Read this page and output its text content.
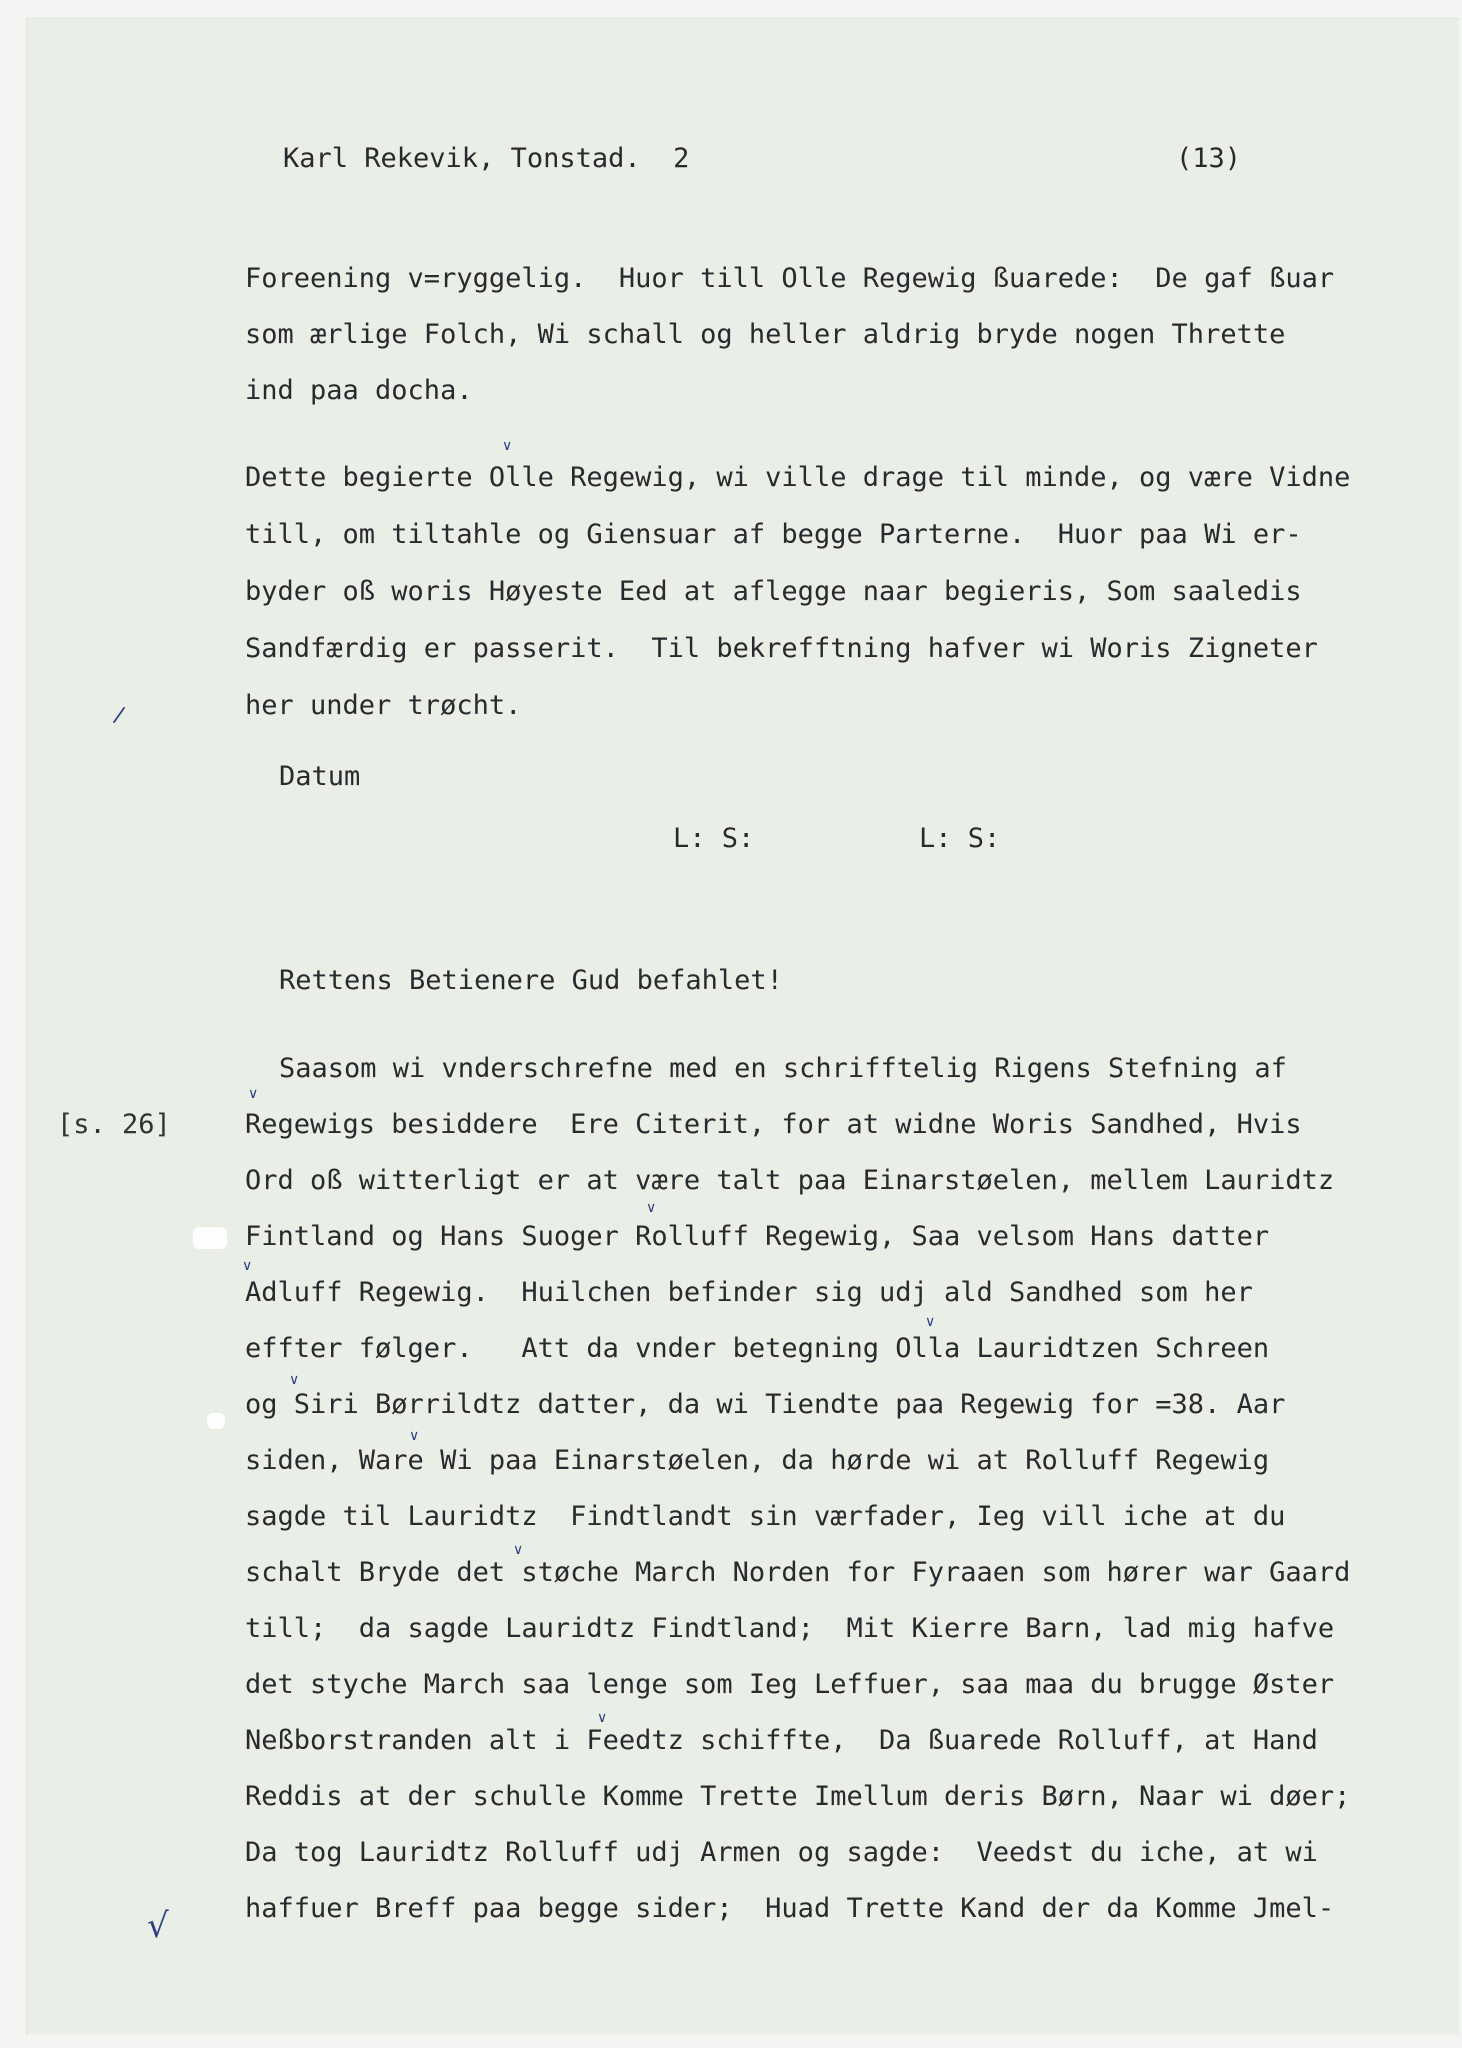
Karl Rekevik, Tonstad.  2	(13)
Foreening v=ryggelig.  Huor till Olle Regewig ßuarede:  De gaf ßuar
som ærlige Folch, Wi schall og heller aldrig bryde nogen Thrette
ind paa docha.
Dette begierte Olle Regewig, wi ville drage til minde, og være Vidne
till, om tiltahle og Giensuar af begge Parterne.  Huor paa Wi er-
byder oß woris Høyeste Eed at aflegge naar begieris, Som saaledis
Sandfærdig er passerit.  Til bekrefftning hafver wi Woris Zigneter
her under trøcht.
Datum
L: S:	L: S:
Rettens Betienere Gud befahlet!
Saasom wi vnderschrefne med en schrifftelig Rigens Stefning af
[s. 26]	Regewigs besiddere  Ere Citerit, for at widne Woris Sandhed, Hvis
Ord oß witterligt er at være talt paa Einarstøelen, mellem Lauridtz
Fintland og Hans Suoger Rolluff Regewig, Saa velsom Hans datter
Adluff Regewig.  Huilchen befinder sig udj ald Sandhed som her
effter følger.   Att da vnder betegning Olla Lauridtzen Schreen
og Siri Børrildtz datter, da wi Tiendte paa Regewig for =38. Aar
siden, Ware Wi paa Einarstøelen, da hørde wi at Rolluff Regewig
sagde til Lauridtz  Findtlandt sin værfader, Ieg vill iche at du
schalt Bryde det støche March Norden for Fyraaen som hører war Gaard
till;  da sagde Lauridtz Findtland;  Mit Kierre Barn, lad mig hafve
det styche March saa lenge som Ieg Leffuer, saa maa du brugge Øster
Neßborstranden alt i Feedtz schiffte,  Da ßuarede Rolluff, at Hand
Reddis at der schulle Komme Trette Imellum deris Børn, Naar wi døer;
Da tog Lauridtz Rolluff udj Armen og sagde:  Veedst du iche, at wi
haffuer Breff paa begge sider;  Huad Trette Kand der da Komme Jmel-
∨
∨
∨
∨
∨
∨
∨
∨
∨
/
√
